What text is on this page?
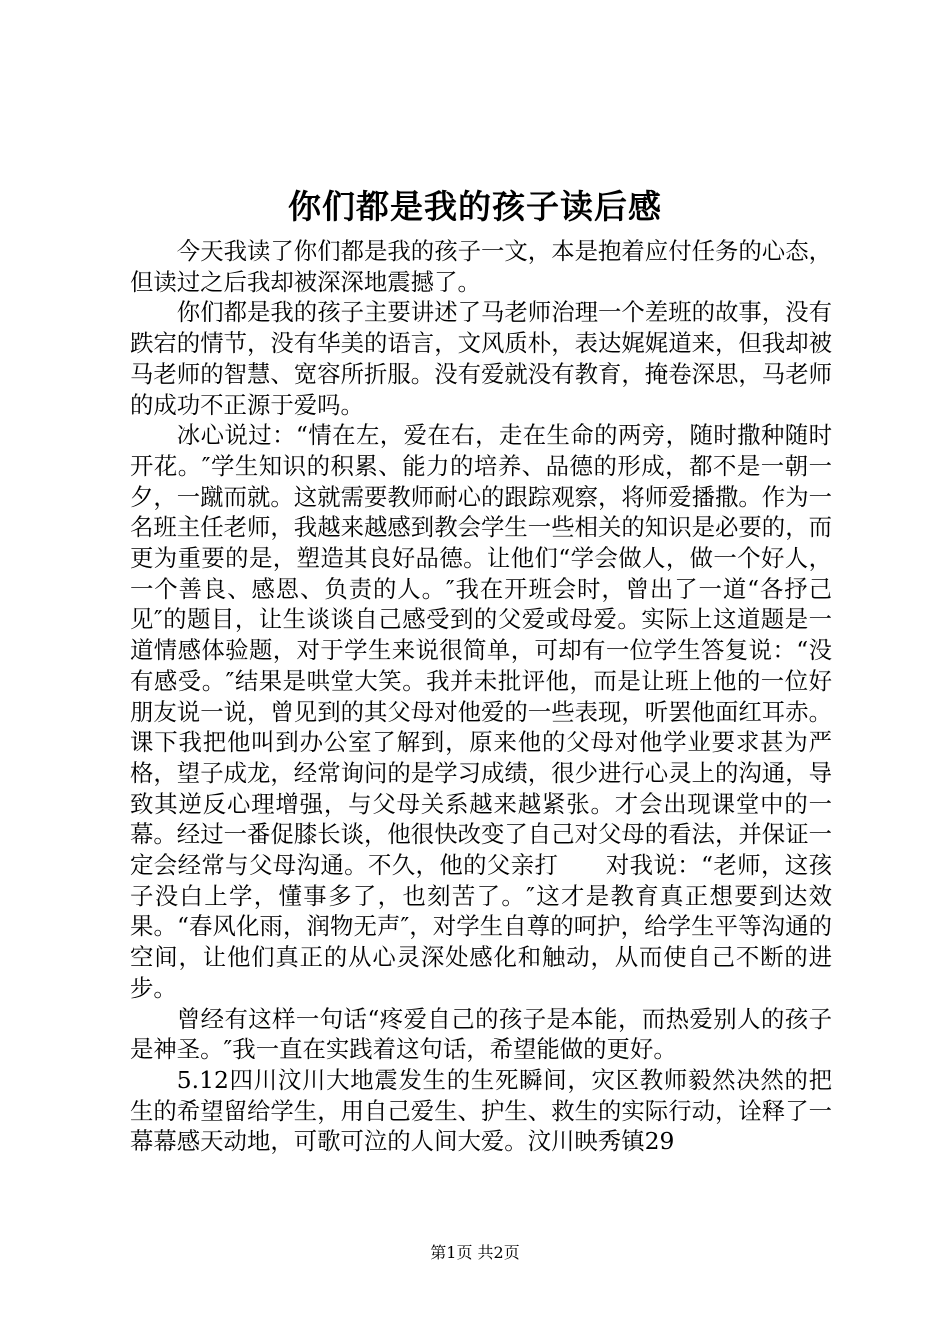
你们都是我的孩子读后感

今天我读了你们都是我的孩子一文，本是抱着应付任务的心态，但读过之后我却被深深地震撼了。

你们都是我的孩子主要讲述了马老师治理一个差班的故事，没有跌宕的情节，没有华美的语言，文风质朴，表达娓娓道来，但我却被马老师的智慧、宽容所折服。没有爱就没有教育，掩卷深思，马老师的成功不正源于爱吗。

冰心说过：“情在左，爱在右，走在生命的两旁，随时撒种随时开花。″学生知识的积累、能力的培养、品德的形成，都不是一朝一夕，一蹴而就。这就需要教师耐心的跟踪观察，将师爱播撒。作为一名班主任老师，我越来越感到教会学生一些相关的知识是必要的，而更为重要的是，塑造其良好品德。让他们“学会做人，做一个好人，一个善良、感恩、负责的人。″我在开班会时，曾出了一道“各抒己见″的题目，让生谈谈自己感受到的父爱或母爱。实际上这道题是一道情感体验题，对于学生来说很简单，可却有一位学生答复说：“没有感受。″结果是哄堂大笑。我并未批评他，而是让班上他的一位好朋友说一说，曾见到的其父母对他爱的一些表现，听罢他面红耳赤。课下我把他叫到办公室了解到，原来他的父母对他学业要求甚为严格，望子成龙，经常询问的是学习成绩，很少进行心灵上的沟通，导致其逆反心理增强，与父母关系越来越紧张。才会出现课堂中的一幕。经过一番促膝长谈，他很快改变了自己对父母的看法，并保证一定会经常与父母沟通。不久，他的父亲打　　对我说：“老师，这孩子没白上学，懂事多了，也刻苦了。″这才是教育真正想要到达效果。“春风化雨，润物无声″，对学生自尊的呵护，给学生平等沟通的空间，让他们真正的从心灵深处感化和触动，从而使自己不断的进步。

曾经有这样一句话“疼爱自己的孩子是本能，而热爱别人的孩子是神圣。″我一直在实践着这句话，希望能做的更好。

5.12四川汶川大地震发生的生死瞬间，灾区教师毅然决然的把生的希望留给学生，用自己爱生、护生、救生的实际行动，诠释了一幕幕感天动地，可歌可泣的人间大爱。汶川映秀镇29

第1页 共2页
